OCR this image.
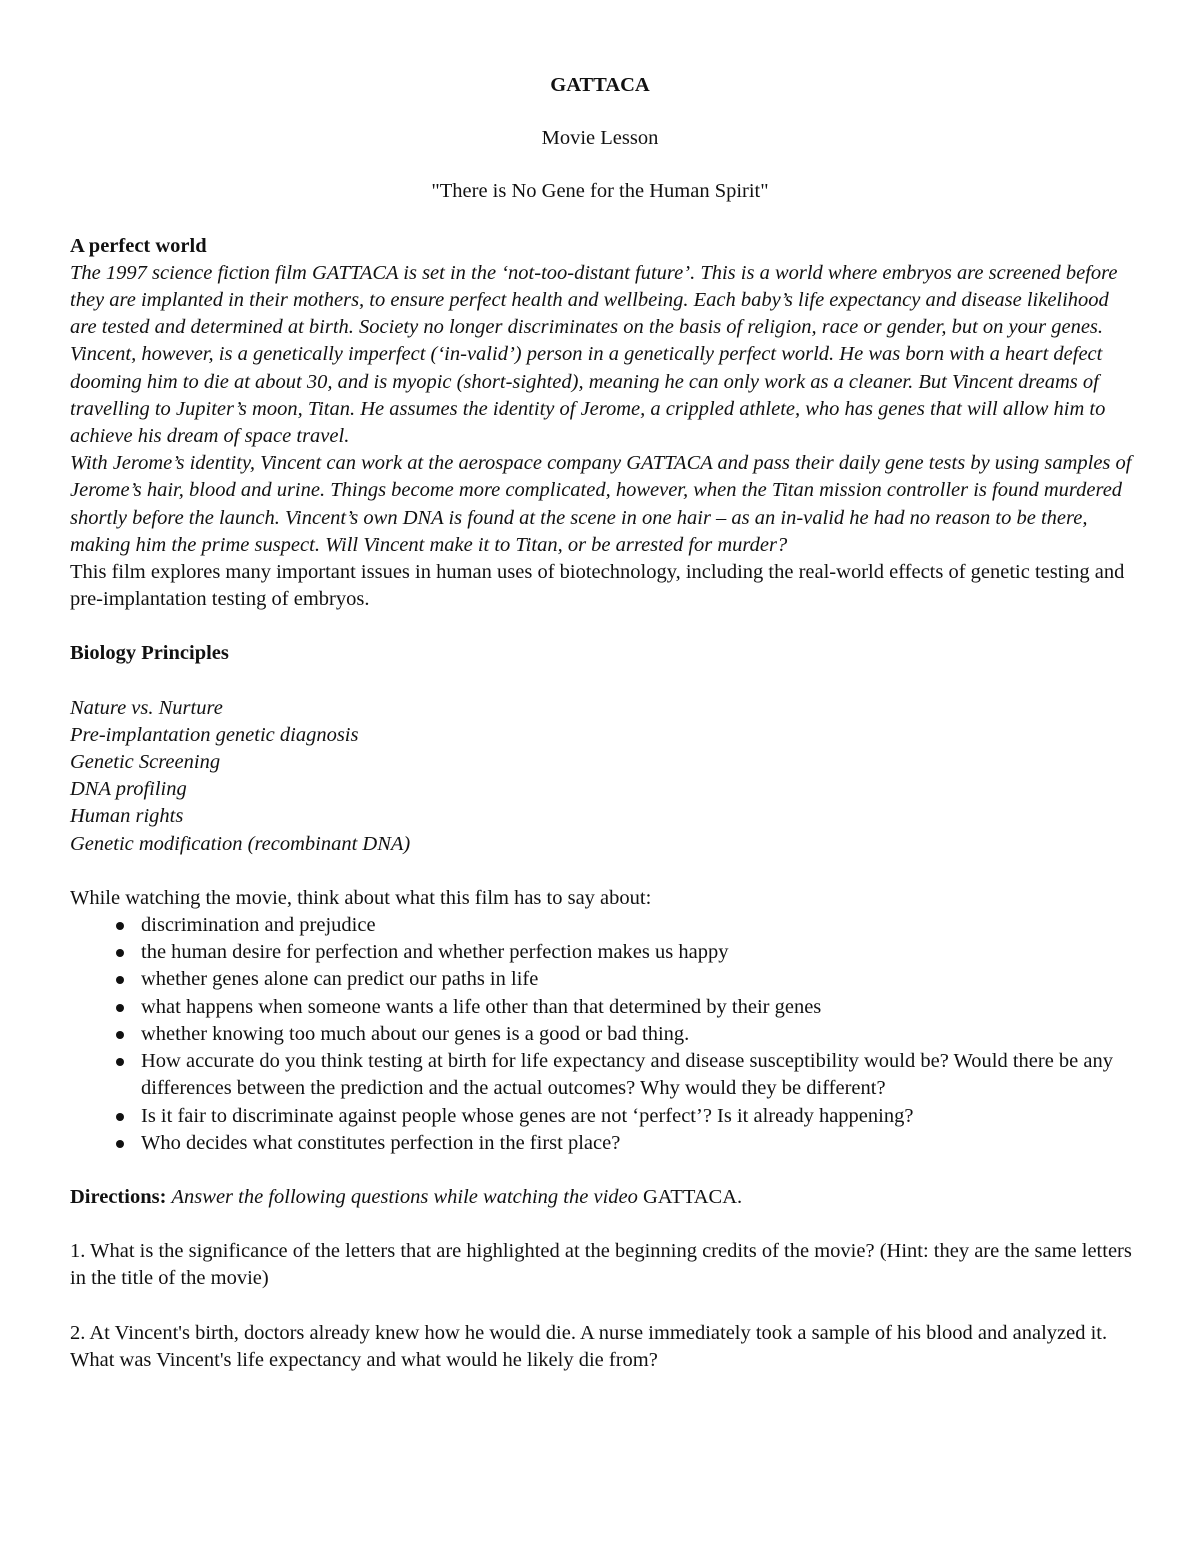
GATTACA
Movie Lesson
"There is No Gene for the Human Spirit"
A perfect world
The 1997 science fiction film GATTACA is set in the ‘not-too-distant future’. This is a world where embryos are screened before they are implanted in their mothers, to ensure perfect health and wellbeing. Each baby’s life expectancy and disease likelihood are tested and determined at birth. Society no longer discriminates on the basis of religion, race or gender, but on your genes. Vincent, however, is a genetically imperfect (‘in-valid’) person in a genetically perfect world. He was born with a heart defect dooming him to die at about 30, and is myopic (short-sighted), meaning he can only work as a cleaner. But Vincent dreams of travelling to Jupiter’s moon, Titan. He assumes the identity of Jerome, a crippled athlete, who has genes that will allow him to achieve his dream of space travel.
With Jerome’s identity, Vincent can work at the aerospace company GATTACA and pass their daily gene tests by using samples of Jerome’s hair, blood and urine. Things become more complicated, however, when the Titan mission controller is found murdered shortly before the launch. Vincent’s own DNA is found at the scene in one hair – as an in-valid he had no reason to be there, making him the prime suspect. Will Vincent make it to Titan, or be arrested for murder?
This film explores many important issues in human uses of biotechnology, including the real-world effects of genetic testing and pre-implantation testing of embryos.
Biology Principles
Nature vs. Nurture
Pre-implantation genetic diagnosis
Genetic Screening
DNA profiling
Human rights
Genetic modification (recombinant DNA)
While watching the movie, think about what this film has to say about:
discrimination and prejudice
the human desire for perfection and whether perfection makes us happy
whether genes alone can predict our paths in life
what happens when someone wants a life other than that determined by their genes
whether knowing too much about our genes is a good or bad thing.
How accurate do you think testing at birth for life expectancy and disease susceptibility would be? Would there be any differences between the prediction and the actual outcomes? Why would they be different?
Is it fair to discriminate against people whose genes are not ‘perfect’? Is it already happening?
Who decides what constitutes perfection in the first place?
Directions: Answer the following questions while watching the video GATTACA.
1. What is the significance of the letters that are highlighted at the beginning credits of the movie? (Hint: they are the same letters in the title of the movie)
2. At Vincent's birth, doctors already knew how he would die. A nurse immediately took a sample of his blood and analyzed it. What was Vincent's life expectancy and what would he likely die from?
